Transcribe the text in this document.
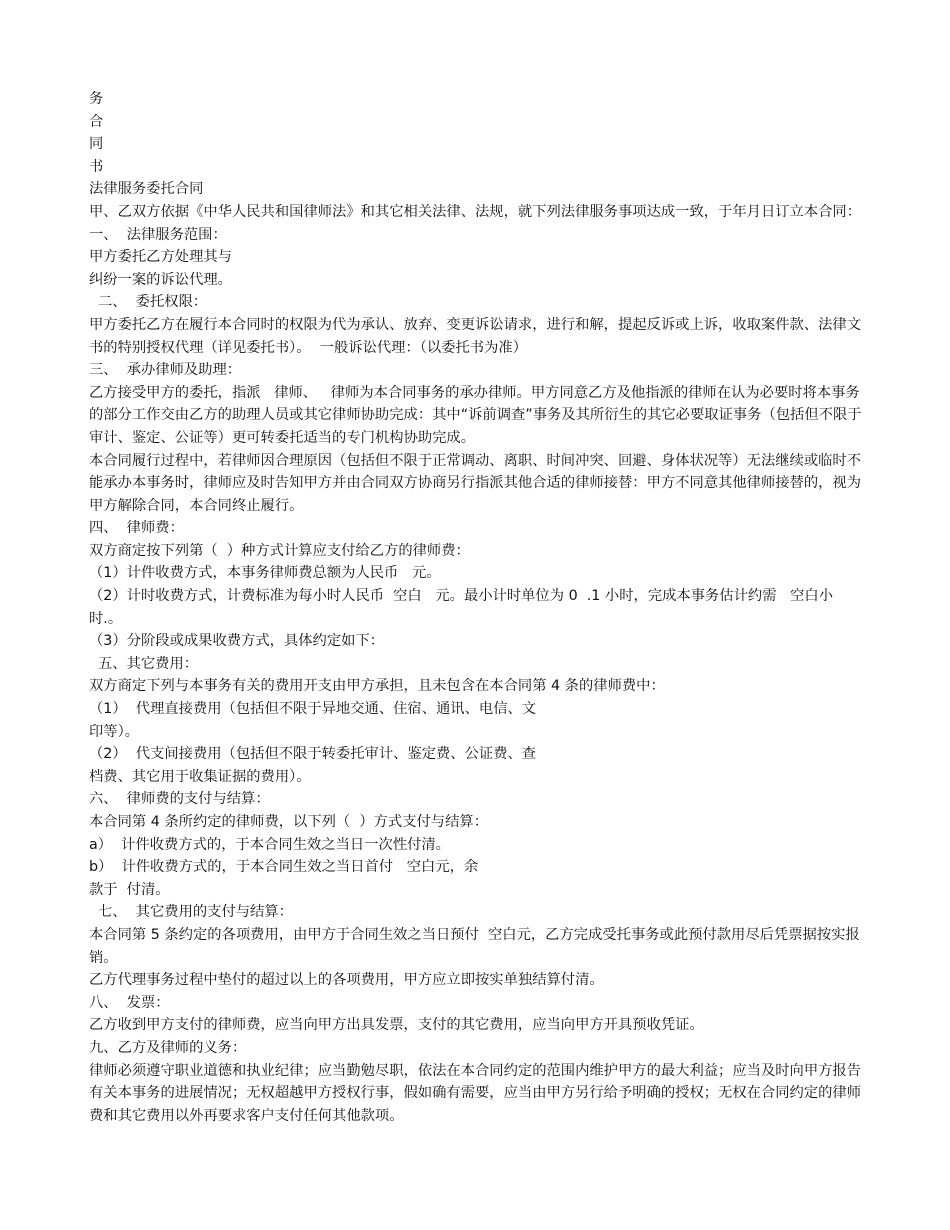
务
合
同
书
法律服务委托合同
甲、乙双方依据《中华人民共和国律师法》和其它相关法律、法规，就下列法律服务事项达成一致，于年月日订立本合同：
一、  法律服务范围：
甲方委托乙方处理其与
纠纷一案的诉讼代理。
二、  委托权限：
甲方委托乙方在履行本合同时的权限为代为承认、放弃、变更诉讼请求，进行和解，提起反诉或上诉，收取案件款、法律文书的特别授权代理（详见委托书）。  一般诉讼代理：（以委托书为准）
三、  承办律师及助理：
乙方接受甲方的委托，指派   律师、   律师为本合同事务的承办律师。甲方同意乙方及他指派的律师在认为必要时将本事务的部分工作交由乙方的助理人员或其它律师协助完成：其中“诉前调查”事务及其所衍生的其它必要取证事务（包括但不限于审计、鉴定、公证等）更可转委托适当的专门机构协助完成。
本合同履行过程中，若律师因合理原因（包括但不限于正常调动、离职、时间冲突、回避、身体状况等）无法继续或临时不能承办本事务时，律师应及时告知甲方并由合同双方协商另行指派其他合适的律师接替：甲方不同意其他律师接替的，视为甲方解除合同，本合同终止履行。
四、  律师费：
双方商定按下列第（  ）种方式计算应支付给乙方的律师费：
（1）计件收费方式，本事务律师费总额为人民币   元。
（2）计时收费方式，计费标准为每小时人民币  空白   元。最小计时单位为 0  .1 小时，完成本事务估计约需   空白小时.。
（3）分阶段或成果收费方式，具体约定如下：
五、其它费用：
双方商定下列与本事务有关的费用开支由甲方承担，且未包含在本合同第 4 条的律师费中：
（1）  代理直接费用（包括但不限于异地交通、住宿、通讯、电信、文
印等）。
（2）  代支间接费用（包括但不限于转委托审计、鉴定费、公证费、查
档费、其它用于收集证据的费用）。
六、  律师费的支付与结算：
本合同第 4 条所约定的律师费，以下列（  ）方式支付与结算：
a）  计件收费方式的，于本合同生效之当日一次性付清。
b）  计件收费方式的，于本合同生效之当日首付   空白元，余
款于  付清。
七、  其它费用的支付与结算：
本合同第 5 条约定的各项费用，由甲方于合同生效之当日预付  空白元，乙方完成受托事务或此预付款用尽后凭票据按实报销。
乙方代理事务过程中垫付的超过以上的各项费用，甲方应立即按实单独结算付清。
八、  发票：
乙方收到甲方支付的律师费，应当向甲方出具发票，支付的其它费用，应当向甲方开具预收凭证。
九、乙方及律师的义务：
律师必须遵守职业道德和执业纪律；应当勤勉尽职，依法在本合同约定的范围内维护甲方的最大利益；应当及时向甲方报告有关本事务的进展情况；无权超越甲方授权行事，假如确有需要，应当由甲方另行给予明确的授权；无权在合同约定的律师费和其它费用以外再要求客户支付任何其他款项。
